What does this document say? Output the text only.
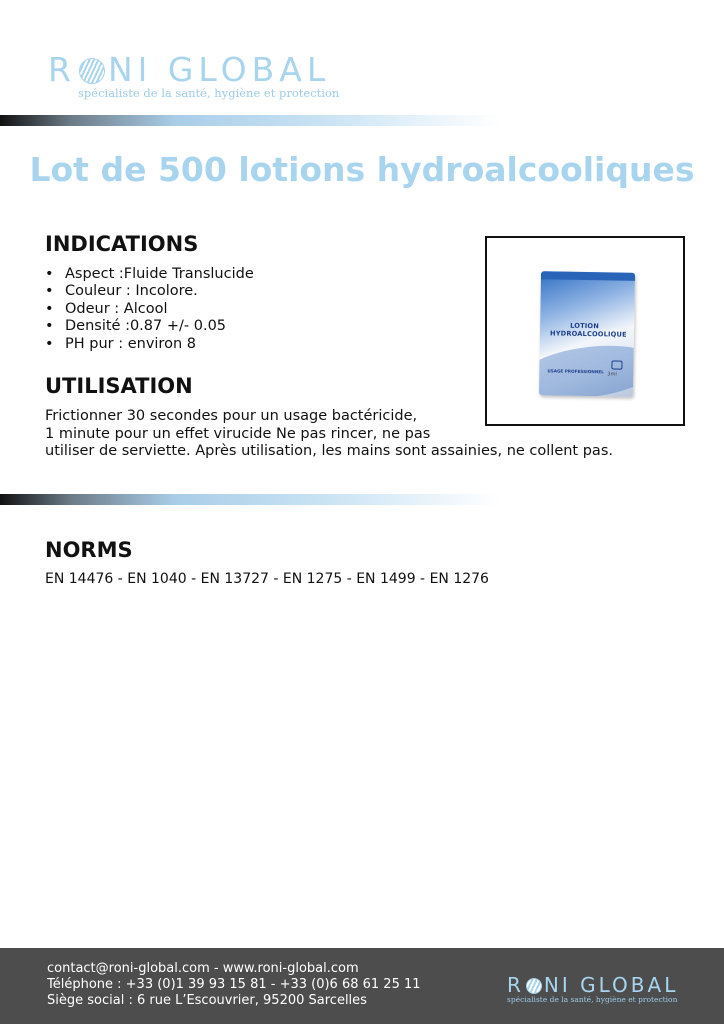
R NI GLOBAL
spécialiste de la santé, hygiène et protection
Lot de 500 lotions hydroalcooliques
INDICATIONS
• Aspect :Fluide Translucide
• Couleur : Incolore.
• Odeur : Alcool
• Densité :0.87 +/- 0.05
• PH pur : environ 8
UTILISATION
Frictionner 30 secondes pour un usage bactéricide,
1 minute pour un effet virucide Ne pas rincer, ne pas
utiliser de serviette. Après utilisation, les mains sont assainies, ne collent pas.
LOTION
HYDROALCOOLIQUE
USAGE PROFESSIONNEL
3ml
NORMS
EN 14476 - EN 1040 - EN 13727 - EN 1275 - EN 1499 - EN 1276
contact@roni-global.com - www.roni-global.com
Téléphone : +33 (0)1 39 93 15 81 - +33 (0)6 68 61 25 11
Siège social : 6 rue L’Escouvrier, 95200 Sarcelles
R NI GLOBAL
spécialiste de la santé, hygiène et protection
